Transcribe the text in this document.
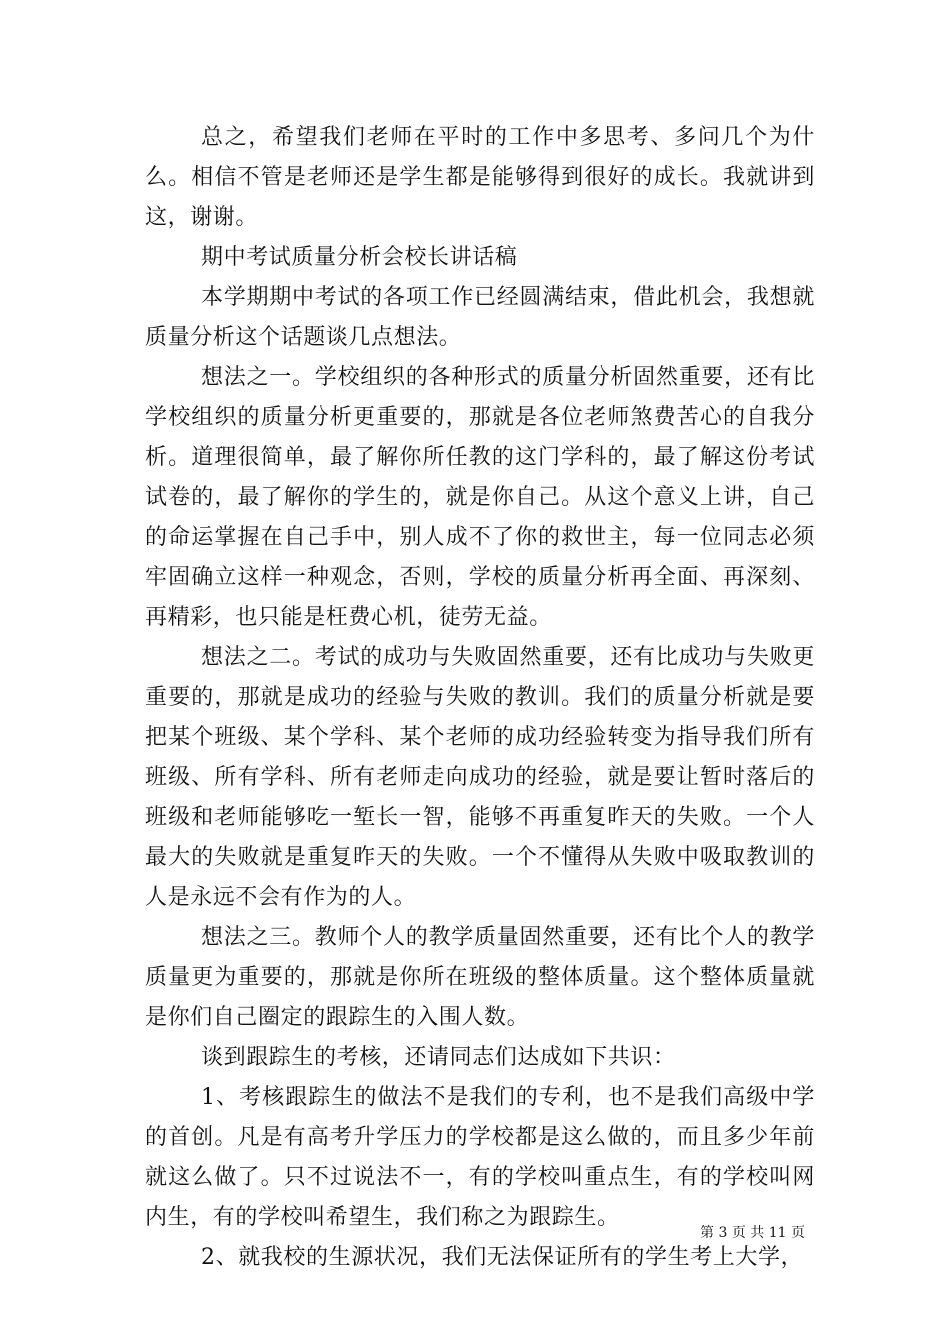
总之，希望我们老师在平时的工作中多思考、多问几个为什么。相信不管是老师还是学生都是能够得到很好的成长。我就讲到这，谢谢。

期中考试质量分析会校长讲话稿

本学期期中考试的各项工作已经圆满结束，借此机会，我想就质量分析这个话题谈几点想法。

想法之一。学校组织的各种形式的质量分析固然重要，还有比学校组织的质量分析更重要的，那就是各位老师煞费苦心的自我分析。道理很简单，最了解你所任教的这门学科的，最了解这份考试试卷的，最了解你的学生的，就是你自己。从这个意义上讲，自己的命运掌握在自己手中，别人成不了你的救世主，每一位同志必须牢固确立这样一种观念，否则，学校的质量分析再全面、再深刻、再精彩，也只能是枉费心机，徒劳无益。

想法之二。考试的成功与失败固然重要，还有比成功与失败更重要的，那就是成功的经验与失败的教训。我们的质量分析就是要把某个班级、某个学科、某个老师的成功经验转变为指导我们所有班级、所有学科、所有老师走向成功的经验，就是要让暂时落后的班级和老师能够吃一堑长一智，能够不再重复昨天的失败。一个人最大的失败就是重复昨天的失败。一个不懂得从失败中吸取教训的人是永远不会有作为的人。

想法之三。教师个人的教学质量固然重要，还有比个人的教学质量更为重要的，那就是你所在班级的整体质量。这个整体质量就是你们自己圈定的跟踪生的入围人数。

谈到跟踪生的考核，还请同志们达成如下共识：

1、考核跟踪生的做法不是我们的专利，也不是我们高级中学的首创。凡是有高考升学压力的学校都是这么做的，而且多少年前就这么做了。只不过说法不一，有的学校叫重点生，有的学校叫网内生，有的学校叫希望生，我们称之为跟踪生。

2、就我校的生源状况，我们无法保证所有的学生考上大学，

第 3 页 共 11 页
